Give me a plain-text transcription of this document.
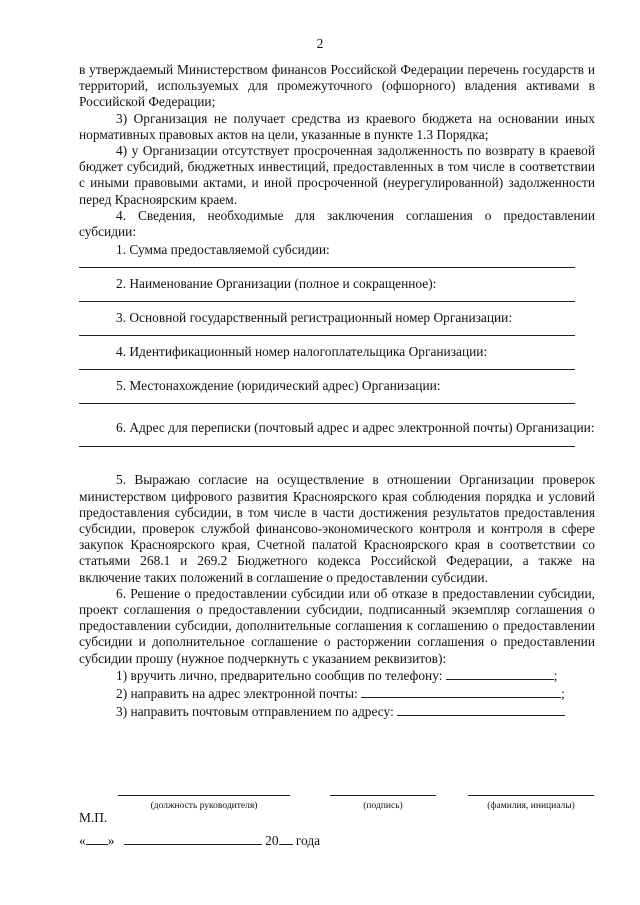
2

в утверждаемый Министерством финансов Российской Федерации перечень государств и территорий, используемых для промежуточного (офшорного) владения активами в Российской Федерации;

3) Организация не получает средства из краевого бюджета на основании иных нормативных правовых актов на цели, указанные в пункте 1.3 Порядка;

4) у Организации отсутствует просроченная задолженность по возврату в краевой бюджет субсидий, бюджетных инвестиций, предоставленных в том числе в соответствии с иными правовыми актами, и иной просроченной (неурегулированной) задолженности перед Красноярским краем.

4. Сведения, необходимые для заключения соглашения о предоставлении субсидии:

1. Сумма предоставляемой субсидии:
2. Наименование Организации (полное и сокращенное):
3. Основной государственный регистрационный номер Организации:
4. Идентификационный номер налогоплательщика Организации:
5. Местонахождение (юридический адрес) Организации:

6. Адрес для переписки (почтовый адрес и адрес электронной почты) Организации:

5. Выражаю согласие на осуществление в отношении Организации проверок министерством цифрового развития Красноярского края соблюдения порядка и условий предоставления субсидии, в том числе в части достижения результатов предоставления субсидии, проверок службой финансово-экономического контроля и контроля в сфере закупок Красноярского края, Счетной палатой Красноярского края в соответствии со статьями 268.1 и 269.2 Бюджетного кодекса Российской Федерации, а также на включение таких положений в соглашение о предоставлении субсидии.

6. Решение о предоставлении субсидии или об отказе в предоставлении субсидии, проект соглашения о предоставлении субсидии, подписанный экземпляр соглашения о предоставлении субсидии, дополнительные соглашения к соглашению о предоставлении субсидии и дополнительное соглашение о расторжении соглашения о предоставлении субсидии прошу (нужное подчеркнуть с указанием реквизитов):

1) вручить лично, предварительно сообщив по телефону:	;
2) направить на адрес электронной почты:	;
3) направить почтовым отправлением по адресу:
(должность руководителя)	(подпись)	(фамилия, инициалы)
М.П.
« »	20 года
